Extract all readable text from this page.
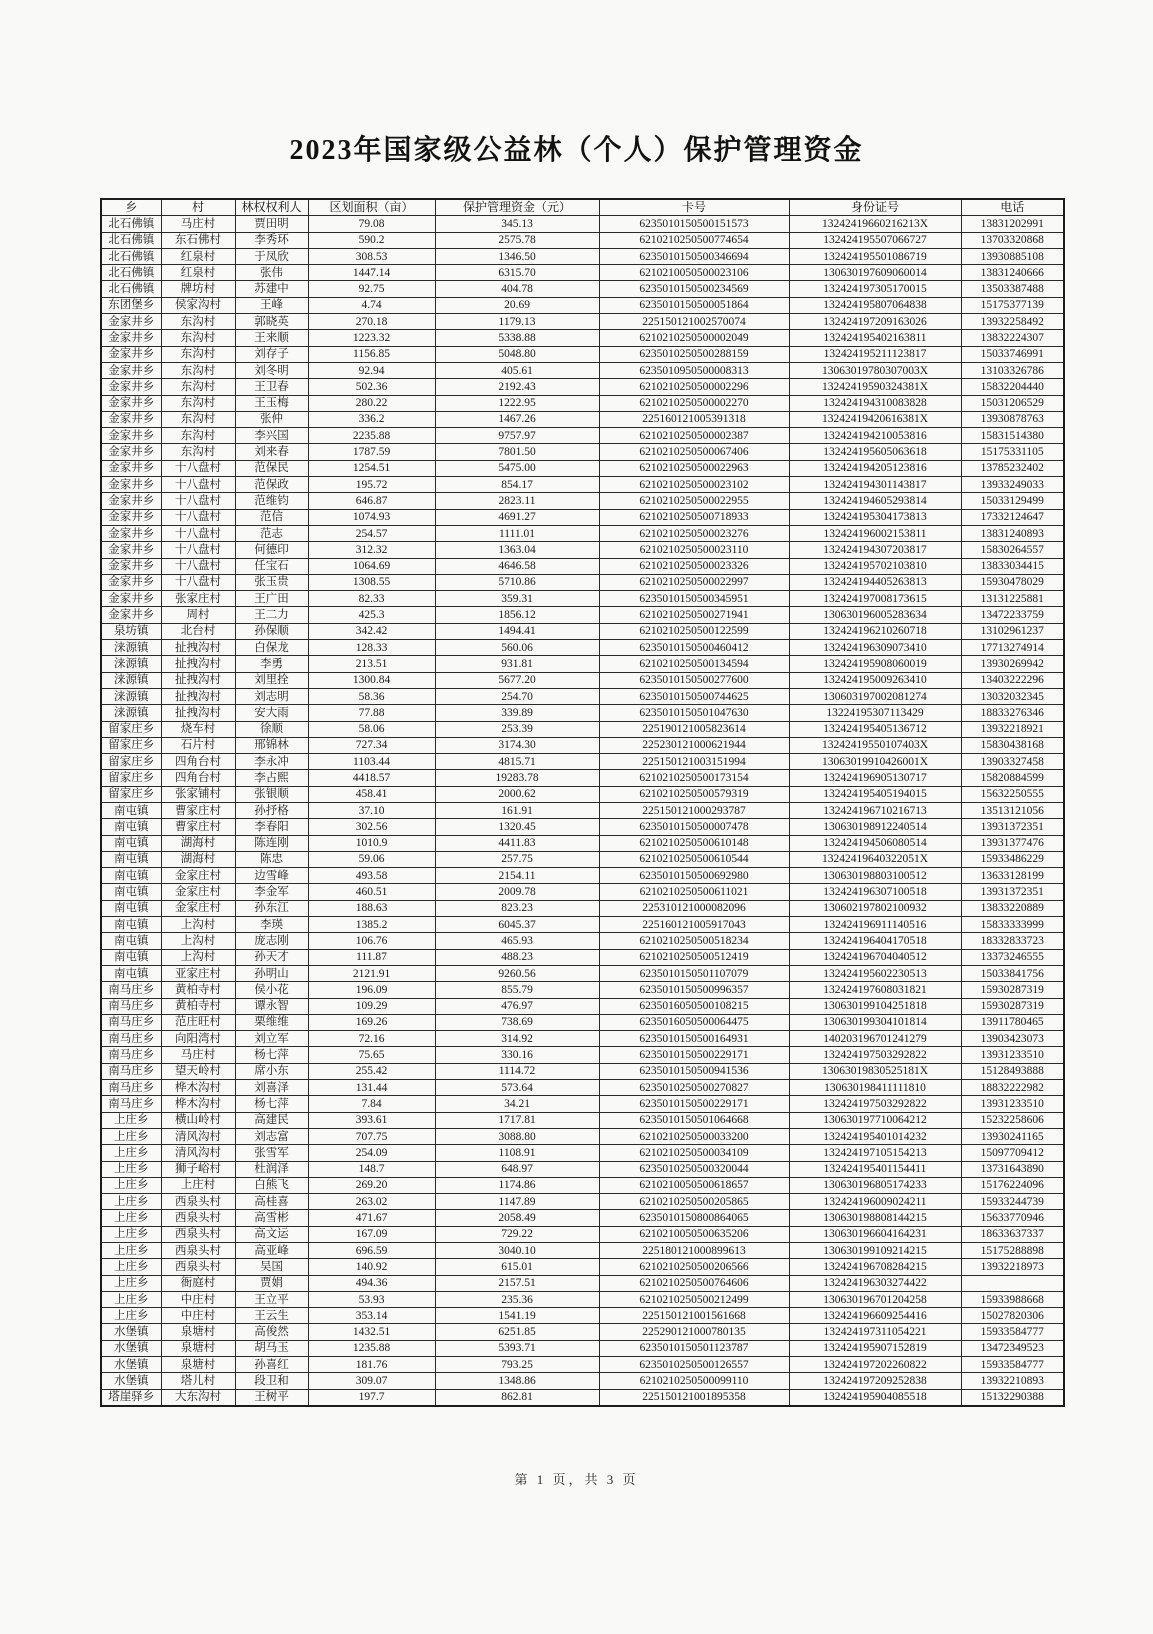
2023年国家级公益林（个人）保护管理资金
乡	村	林权权利人	区划面积（亩）	保护管理资金（元）	卡号	身份证号	电话
北石佛镇	马庄村	贾田明	79.08	345.13	6235010150500151573	13242419660216213X	13831202991
北石佛镇	东石佛村	李秀环	590.2	2575.78	6210210250500774654	132424195507066727	13703320868
北石佛镇	红泉村	于凤欣	308.53	1346.50	6235010150500346694	132424195501086719	13930885108
北石佛镇	红泉村	张伟	1447.14	6315.70	6210210050500023106	130630197609060014	13831240666
北石佛镇	牌坊村	苏建中	92.75	404.78	6235010150500234569	132424197305170015	13503387488
东团堡乡	侯家沟村	王峰	4.74	20.69	6235010150500051864	132424195807064838	15175377139
金家井乡	东沟村	郭晓英	270.18	1179.13	225150121002570074	132424197209163026	13932258492
金家井乡	东沟村	王来顺	1223.32	5338.88	6210210250500002049	132424195402163811	13832224307
金家井乡	东沟村	刘存子	1156.85	5048.80	6235010250500288159	132424195211123817	15033746991
金家井乡	东沟村	刘冬明	92.94	405.61	6235010950500008313	13063019780307003X	13103326786
金家井乡	东沟村	王卫春	502.36	2192.43	6210210250500002296	13242419590324381X	15832204440
金家井乡	东沟村	王玉梅	280.22	1222.95	6210210250500002270	132424194310083828	15031206529
金家井乡	东沟村	张仲	336.2	1467.26	225160121005391318	13242419420616381X	13930878763
金家井乡	东沟村	李兴国	2235.88	9757.97	6210210250500002387	132424194210053816	15831514380
金家井乡	东沟村	刘来春	1787.59	7801.50	6210210250500067406	132424195605063618	15175331105
金家井乡	十八盘村	范保民	1254.51	5475.00	6210210250500022963	132424194205123816	13785232402
金家井乡	十八盘村	范保政	195.72	854.17	6210210250500023102	132424194301143817	13933249033
金家井乡	十八盘村	范维钧	646.87	2823.11	6210210250500022955	132424194605293814	15033129499
金家井乡	十八盘村	范信	1074.93	4691.27	6210210250500718933	132424195304173813	17332124647
金家井乡	十八盘村	范志	254.57	1111.01	6210210250500023276	132424196002153811	13831240893
金家井乡	十八盘村	何德印	312.32	1363.04	6210210250500023110	132424194307203817	15830264557
金家井乡	十八盘村	任宝石	1064.69	4646.58	6210210250500023326	132424195702103810	13833034415
金家井乡	十八盘村	张玉贵	1308.55	5710.86	6210210250500022997	132424194405263813	15930478029
金家井乡	张家庄村	王广田	82.33	359.31	6235010150500345951	132424197008173615	13131225881
金家井乡	周村	王二力	425.3	1856.12	6210210250500271941	130630196005283634	13472233759
泉坊镇	北台村	孙保顺	342.42	1494.41	6210210250500122599	132424196210260718	13102961237
涞源镇	扯拽沟村	白保龙	128.33	560.06	6235010150500460412	132424196309073410	17713274914
涞源镇	扯拽沟村	李勇	213.51	931.81	6210210250500134594	132424195908060019	13930269942
涞源镇	扯拽沟村	刘里拴	1300.84	5677.20	6235010150500277600	132424195009263410	13403222296
涞源镇	扯拽沟村	刘志明	58.36	254.70	6235010150500744625	130603197002081274	13032032345
涞源镇	扯拽沟村	安大雨	77.88	339.89	6235010150501047630	13224195307113429	18833276346
留家庄乡	烧车村	徐顺	58.06	253.39	225190121005823614	132424195405136712	13932218921
留家庄乡	石片村	邢锦林	727.34	3174.30	225230121000621944	13242419550107403X	15830438168
留家庄乡	四角台村	李永冲	1103.44	4815.71	225150121003151994	13063019910426001X	13903327458
留家庄乡	四角台村	李占熙	4418.57	19283.78	6210210250500173154	132424196905130717	15820884599
留家庄乡	张家铺村	张银顺	458.41	2000.62	6210210250500579319	132424195405194015	15632250555
南屯镇	曹家庄村	孙抒格	37.10	161.91	225150121000293787	132424196710216713	13513121056
南屯镇	曹家庄村	李春阳	302.56	1320.45	6235010150500007478	130630198912240514	13931372351
南屯镇	湖海村	陈连刚	1010.9	4411.83	6210210250500610148	132424194506080514	13931377476
南屯镇	湖海村	陈忠	59.06	257.75	6210210250500610544	13242419640322051X	15933486229
南屯镇	金家庄村	边雪峰	493.58	2154.11	6235010150500692980	130630198803100512	13633128199
南屯镇	金家庄村	李金军	460.51	2009.78	6210210250500611021	132424196307100518	13931372351
南屯镇	金家庄村	孙东江	188.63	823.23	225310121000082096	130602197802100932	13833220889
南屯镇	上沟村	李瑛	1385.2	6045.37	225160121005917043	132424196911140516	15833333999
南屯镇	上沟村	庞志刚	106.76	465.93	6210210250500518234	132424196404170518	18332833723
南屯镇	上沟村	孙天才	111.87	488.23	6210210250500512419	132424196704040512	13373246555
南屯镇	亚家庄村	孙明山	2121.91	9260.56	6235010150501107079	132424195602230513	15033841756
南马庄乡	黄柏寺村	侯小花	196.09	855.79	6235010150500996357	132424197608031821	15930287319
南马庄乡	黄柏寺村	谭永智	109.29	476.97	6235016050500108215	130630199104251818	15930287319
南马庄乡	范庄旺村	栗维维	169.26	738.69	6235016050500064475	130630199304101814	13911780465
南马庄乡	向阳湾村	刘立军	72.16	314.92	6235010150500164931	140203196701241279	13903423073
南马庄乡	马庄村	杨七萍	75.65	330.16	6235010150500229171	132424197503292822	13931233510
南马庄乡	望天岭村	席小东	255.42	1114.72	6235010150500941536	13063019830525181X	15128493888
南马庄乡	桦木沟村	刘喜泽	131.44	573.64	6235010250500270827	130630198411111810	18832222982
南马庄乡	桦木沟村	杨七萍	7.84	34.21	6235010150500229171	132424197503292822	13931233510
上庄乡	横山岭村	高建民	393.61	1717.81	6235010150501064668	130630197710064212	15232258606
上庄乡	清风沟村	刘志富	707.75	3088.80	6210210250500033200	132424195401014232	13930241165
上庄乡	清风沟村	张雪军	254.09	1108.91	6210210250500034109	132424197105154213	15097709412
上庄乡	狮子峪村	杜润泽	148.7	648.97	6235010250500320044	132424195401154411	13731643890
上庄乡	上庄村	白熊飞	269.20	1174.86	6210210050500618657	130630196805174233	15176224096
上庄乡	西泉头村	高桂喜	263.02	1147.89	6210210250500205865	132424196009024211	15933244739
上庄乡	西泉头村	高雪彬	471.67	2058.49	6235010150800864065	130630198808144215	15633770946
上庄乡	西泉头村	高文运	167.09	729.22	6210210050500635206	130630196604164231	18633637337
上庄乡	西泉头村	高亚峰	696.59	3040.10	225180121000899613	130630199109214215	15175288898
上庄乡	西泉头村	吴国	140.92	615.01	6210210250500206566	132424196708284215	13932218973
上庄乡	衙庭村	贾娟	494.36	2157.51	6210210250500764606	132424196303274422	
上庄乡	中庄村	王立平	53.93	235.36	6210210250500212499	130630196701204258	15933988668
上庄乡	中庄村	王云生	353.14	1541.19	225150121001561668	132424196609254416	15027820306
水堡镇	泉塘村	高俊然	1432.51	6251.85	225290121000780135	132424197311054221	15933584777
水堡镇	泉塘村	胡马玉	1235.88	5393.71	6235010150501123787	132424195907152819	13472349523
水堡镇	泉塘村	孙喜红	181.76	793.25	6235010250500126557	132424197202260822	15933584777
水堡镇	塔儿村	段卫和	309.07	1348.86	6210210250500099110	132424197209252838	13932210893
塔崖驿乡	大东沟村	王树平	197.7	862.81	225150121001895358	132424195904085518	15132290388
第 1 页，共 3 页
